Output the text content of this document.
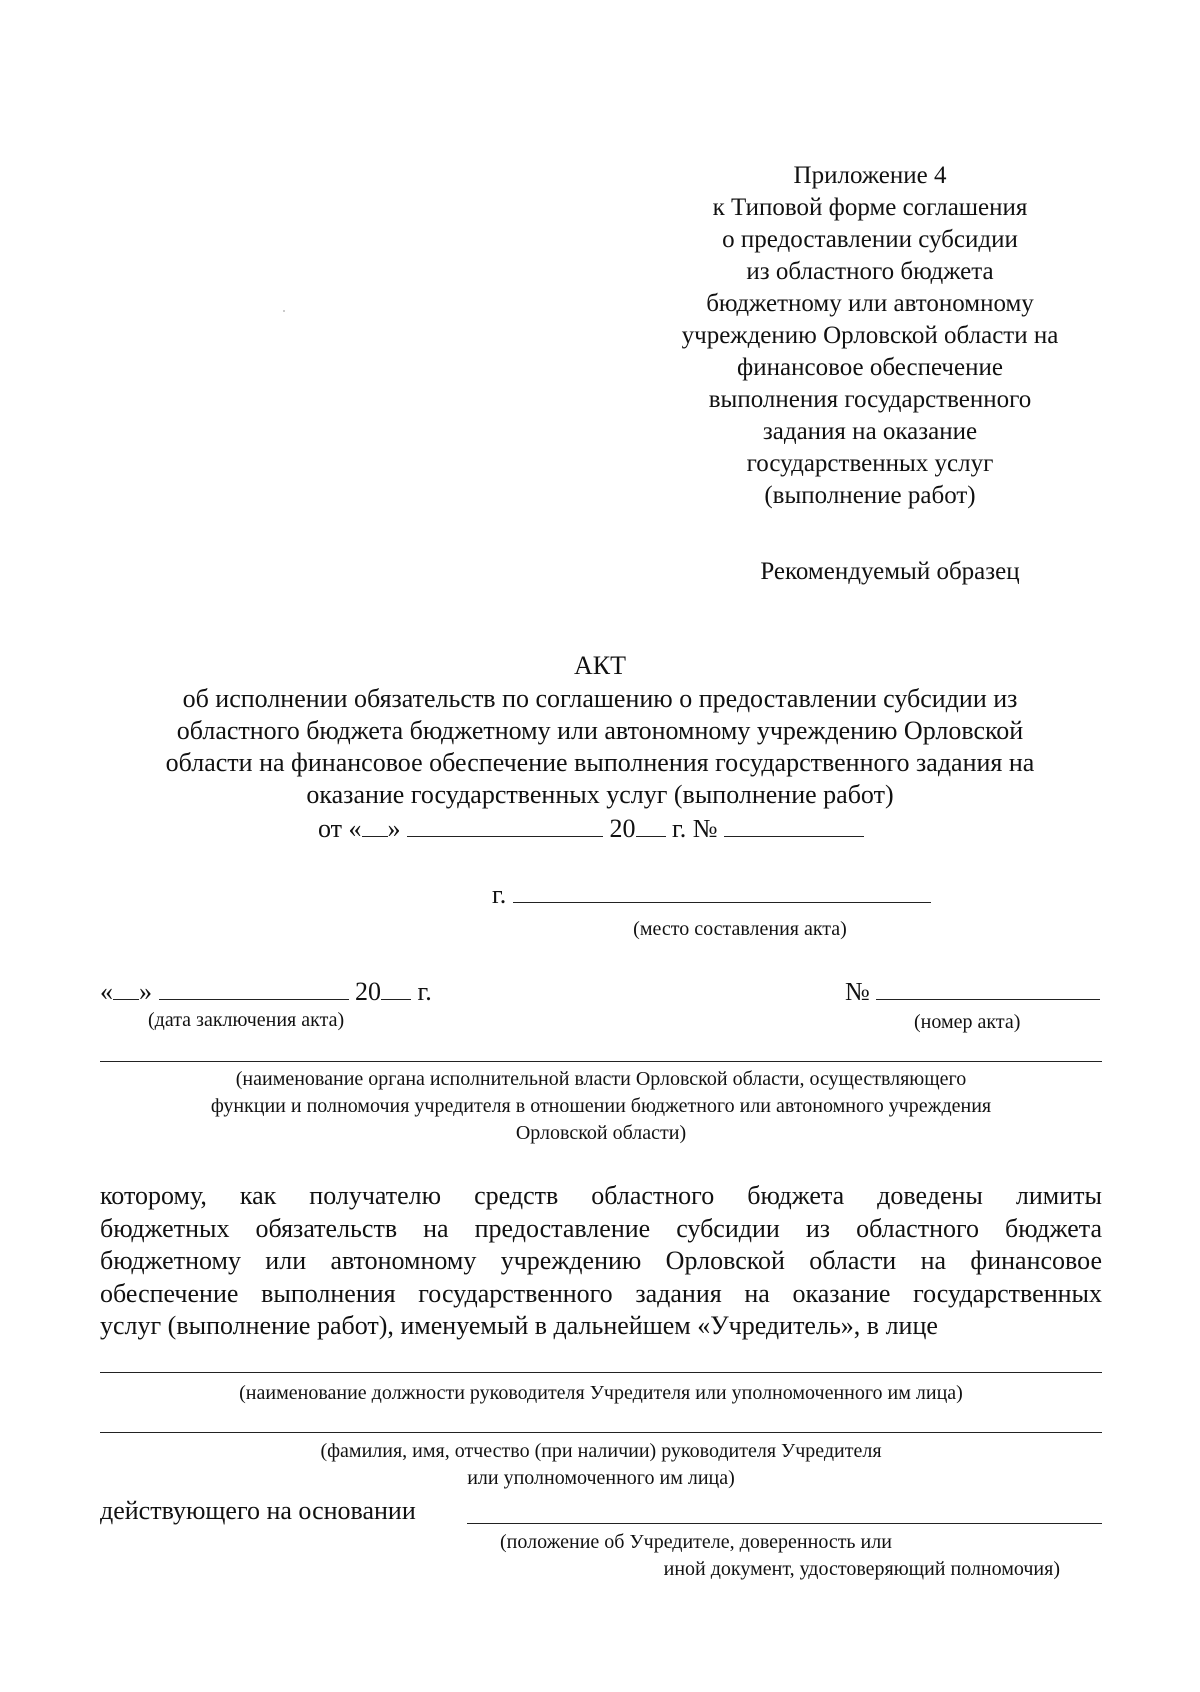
Приложение 4
к Типовой форме соглашения
о предоставлении субсидии
из областного бюджета
бюджетному или автономному
учреждению Орловской области на
финансовое обеспечение
выполнения государственного
задания на оказание
государственных услуг
(выполнение работ)
Рекомендуемый образец
АКТ
об исполнении обязательств по соглашению о предоставлении субсидии из
областного бюджета бюджетному или автономному учреждению Орловской
области на финансовое обеспечение выполнения государственного задания на
оказание государственных услуг (выполнение работ)
от « »	20 г. №
г.
(место составления акта)
« »	20 г.
(дата заключения акта)
№
(номер акта)
(наименование органа исполнительной власти Орловской области, осуществляющего
функции и полномочия учредителя в отношении бюджетного или автономного учреждения
Орловской области)
которому, как получателю средств областного бюджета доведены лимиты
бюджетных обязательств на предоставление субсидии из областного бюджета
бюджетному или автономному учреждению Орловской области на финансовое
обеспечение выполнения государственного задания на оказание государственных
услуг (выполнение работ), именуемый в дальнейшем «Учредитель», в лице
(наименование должности руководителя Учредителя или уполномоченного им лица)
(фамилия, имя, отчество (при наличии) руководителя Учредителя
или уполномоченного им лица)
действующего на основании
(положение об Учредителе, доверенность или
иной документ, удостоверяющий полномочия)
